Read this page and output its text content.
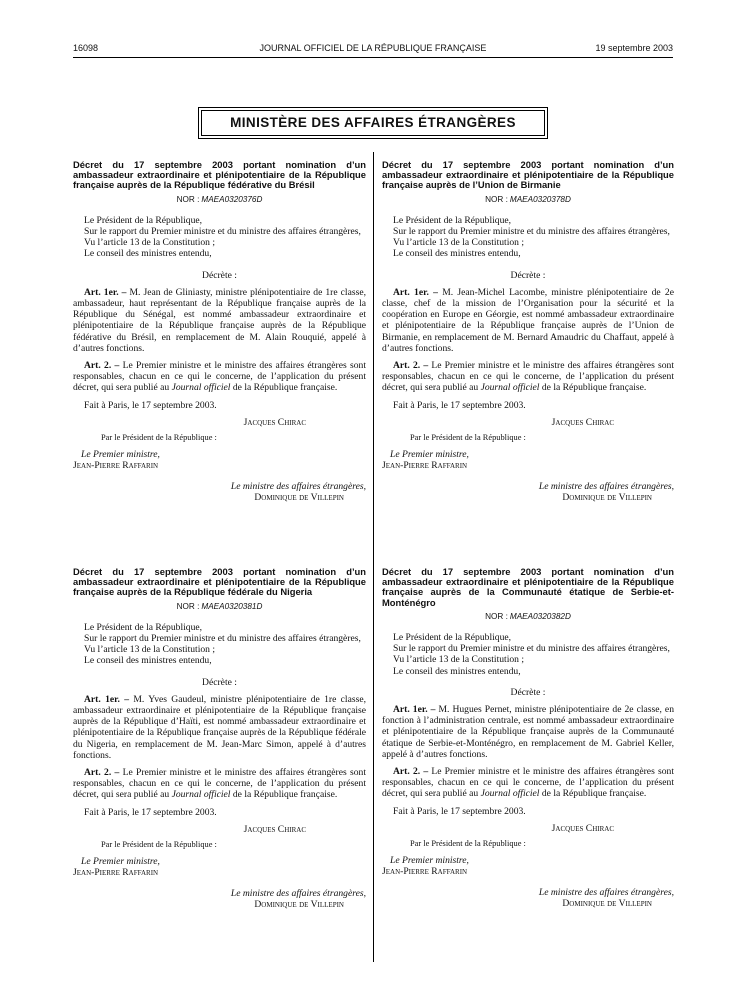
16098	JOURNAL OFFICIEL DE LA RÉPUBLIQUE FRANÇAISE	19 septembre 2003
MINISTÈRE DES AFFAIRES ÉTRANGÈRES

Décret du 17 septembre 2003 portant nomination d’un ambassadeur extraordinaire et plénipotentiaire de la République française auprès de la République fédérative du Brésil

NOR : MAEA0320376D

Le Président de la République,

Sur le rapport du Premier ministre et du ministre des affaires étrangères,

Vu l’article 13 de la Constitution ;

Le conseil des ministres entendu,

Décrète :

Art. 1er. – M. Jean de Gliniasty, ministre plénipotentiaire de 1re classe, ambassadeur, haut représentant de la République française auprès de la République du Sénégal, est nommé ambassadeur extraordinaire et plénipotentiaire de la République française auprès de la République fédérative du Brésil, en remplacement de M. Alain Rouquié, appelé à d’autres fonctions.

Art. 2. – Le Premier ministre et le ministre des affaires étrangères sont responsables, chacun en ce qui le concerne, de l’application du présent décret, qui sera publié au Journal officiel de la République française.

Fait à Paris, le 17 septembre 2003.

Jacques Chirac

Par le Président de la République :

Le Premier ministre,

Jean-Pierre Raffarin

Le ministre des affaires étrangères,

Dominique de Villepin

Décret du 17 septembre 2003 portant nomination d’un ambassadeur extraordinaire et plénipotentiaire de la République française auprès de l’Union de Birmanie

NOR : MAEA0320378D

Le Président de la République,

Sur le rapport du Premier ministre et du ministre des affaires étrangères,

Vu l’article 13 de la Constitution ;

Le conseil des ministres entendu,

Décrète :

Art. 1er. – M. Jean-Michel Lacombe, ministre plénipotentiaire de 2e classe, chef de la mission de l’Organisation pour la sécurité et la coopération en Europe en Géorgie, est nommé ambassadeur extraordinaire et plénipotentiaire de la République française auprès de l’Union de Birmanie, en remplacement de M. Bernard Amaudric du Chaffaut, appelé à d’autres fonctions.

Art. 2. – Le Premier ministre et le ministre des affaires étrangères sont responsables, chacun en ce qui le concerne, de l’application du présent décret, qui sera publié au Journal officiel de la République française.

Fait à Paris, le 17 septembre 2003.

Jacques Chirac

Par le Président de la République :

Le Premier ministre,

Jean-Pierre Raffarin

Le ministre des affaires étrangères,

Dominique de Villepin

Décret du 17 septembre 2003 portant nomination d’un ambassadeur extraordinaire et plénipotentiaire de la République française auprès de la République fédérale du Nigeria

NOR : MAEA0320381D

Le Président de la République,

Sur le rapport du Premier ministre et du ministre des affaires étrangères,

Vu l’article 13 de la Constitution ;

Le conseil des ministres entendu,

Décrète :

Art. 1er. – M. Yves Gaudeul, ministre plénipotentiaire de 1re classe, ambassadeur extraordinaire et plénipotentiaire de la République française auprès de la République d’Haïti, est nommé ambassadeur extraordinaire et plénipotentiaire de la République française auprès de la République fédérale du Nigeria, en remplacement de M. Jean-Marc Simon, appelé à d’autres fonctions.

Art. 2. – Le Premier ministre et le ministre des affaires étrangères sont responsables, chacun en ce qui le concerne, de l’application du présent décret, qui sera publié au Journal officiel de la République française.

Fait à Paris, le 17 septembre 2003.

Jacques Chirac

Par le Président de la République :

Le Premier ministre,

Jean-Pierre Raffarin

Le ministre des affaires étrangères,

Dominique de Villepin

Décret du 17 septembre 2003 portant nomination d’un ambassadeur extraordinaire et plénipotentiaire de la République française auprès de la Communauté étatique de Serbie-et-Monténégro

NOR : MAEA0320382D

Le Président de la République,

Sur le rapport du Premier ministre et du ministre des affaires étrangères,

Vu l’article 13 de la Constitution ;

Le conseil des ministres entendu,

Décrète :

Art. 1er. – M. Hugues Pernet, ministre plénipotentiaire de 2e classe, en fonction à l’administration centrale, est nommé ambassadeur extraordinaire et plénipotentiaire de la République française auprès de la Communauté étatique de Serbie-et-Monténégro, en remplacement de M. Gabriel Keller, appelé à d’autres fonctions.

Art. 2. – Le Premier ministre et le ministre des affaires étrangères sont responsables, chacun en ce qui le concerne, de l’application du présent décret, qui sera publié au Journal officiel de la République française.

Fait à Paris, le 17 septembre 2003.

Jacques Chirac

Par le Président de la République :

Le Premier ministre,

Jean-Pierre Raffarin

Le ministre des affaires étrangères,

Dominique de Villepin
